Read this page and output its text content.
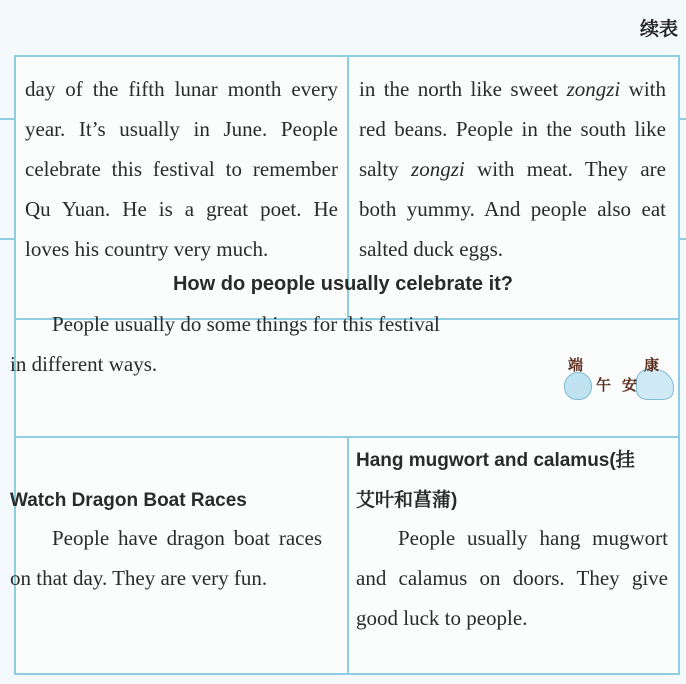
续表
day of the fifth lunar month every year. It’s usually in June. People celebrate this festival to remember Qu Yuan. He is a great poet. He loves his country very much.
in the north like sweet zongzi with red beans. People in the south like salty zongzi with meat. They are both yummy. And people also eat salted duck eggs.
How do people usually celebrate it?
People usually do some things for this festival
in different ways.	端
午 安
康
Watch Dragon Boat Races
People have dragon boat races on that day. They are very fun.
Hang mugwort and calamus(挂
艾叶和菖蒲)
People usually hang mugwort and calamus on doors. They give good luck to people.
